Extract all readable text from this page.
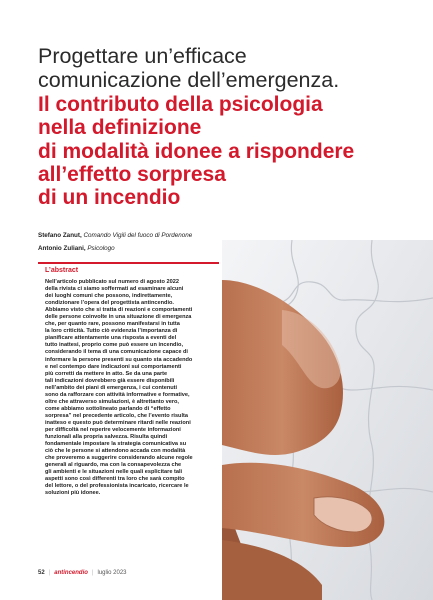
Progettare un’efficace
comunicazione dell’emergenza.
Il contributo della psicologia
nella definizione
di modalità idonee a rispondere
all’effetto sorpresa
di un incendio
Stefano Zanut, Comando Vigili del fuoco di Pordenone
Antonio Zuliani, Psicologo
L’abstract
Nell’articolo pubblicato sul numero di agosto 2022
della rivista ci siamo soffermati ad esaminare alcuni
dei luoghi comuni che possono, indirettamente,
condizionare l’opera del progettista antincendio.
Abbiamo visto che si tratta di reazioni e comportamenti
delle persone coinvolte in una situazione di emergenza
che, per quanto rare, possono manifestarsi in tutta
la loro criticità. Tutto ciò evidenzia l’importanza di
pianificare attentamente una risposta a eventi del
tutto inattesi, proprio come può essere un incendio,
considerando il tema di una comunicazione capace di
informare la persone presenti su quanto sta accadendo
e nel contempo dare indicazioni sui comportamenti
più corretti da mettere in atto. Se da una parte
tali indicazioni dovrebbero già essere disponibili
nell’ambito dei piani di emergenza, i cui contenuti
sono da rafforzare con attività informative e formative,
oltre che attraverso simulazioni, è altrettanto vero,
come abbiamo sottolineato parlando di “effetto
sorpresa” nel precedente articolo, che l’evento risulta
inatteso e questo può determinare ritardi nelle reazioni
per difficoltà nel reperire velocemente informazioni
funzionali alla propria salvezza. Risulta quindi
fondamentale impostare la strategia comunicativa su
ciò che le persone si attendono accada con modalità
che proveremo a suggerire considerando alcune regole
generali al riguardo, ma con la consapevolezza che
gli ambienti e le situazioni nelle quali esplicitare tali
aspetti sono così differenti tra loro che sarà compito
del lettore, o del professionista incaricato, ricercare le
soluzioni più idonee.
52 | antincendio | luglio 2023
